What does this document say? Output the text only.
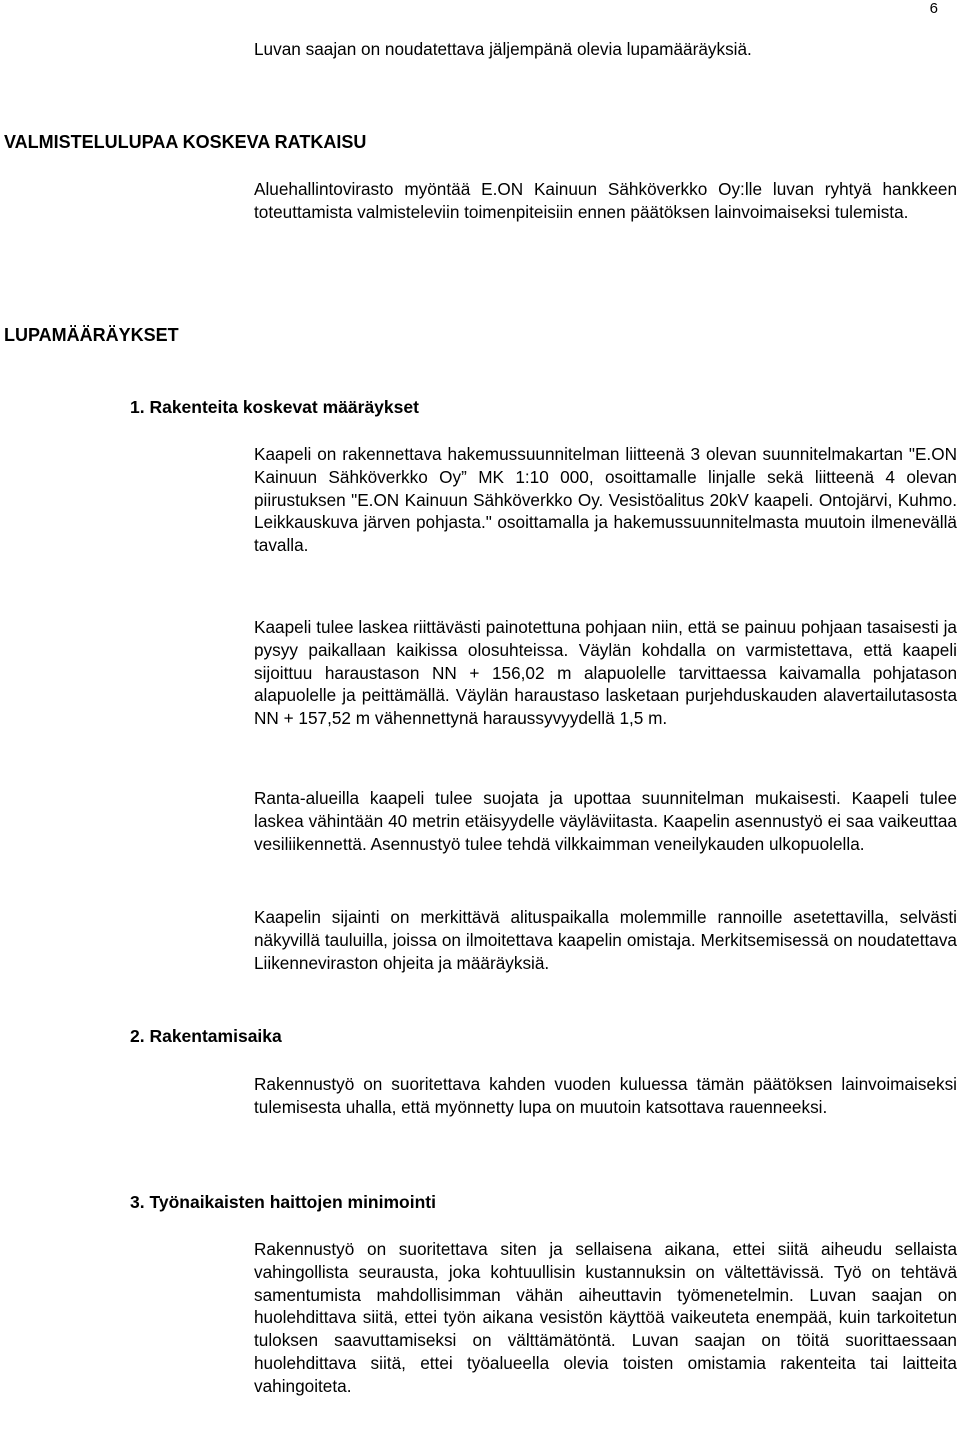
6
Luvan saajan on noudatettava jäljempänä olevia lupamääräyksiä.
VALMISTELULUPAA KOSKEVA RATKAISU

Aluehallintovirasto myöntää E.ON Kainuun Sähköverkko Oy:lle luvan ryhtyä hankkeen toteuttamista valmisteleviin toimenpiteisiin ennen päätöksen lainvoimaiseksi tulemista.

LUPAMÄÄRÄYKSET
1. Rakenteita koskevat määräykset

Kaapeli on rakennettava hakemussuunnitelman liitteenä 3 olevan suunnitelmakartan "E.ON Kainuun Sähköverkko Oy” MK 1:10 000, osoittamalle linjalle sekä liitteenä 4 olevan piirustuksen "E.ON Kainuun Sähköverkko Oy. Vesistöalitus 20kV kaapeli. Ontojärvi, Kuhmo. Leikkauskuva järven pohjasta." osoittamalla ja hakemussuunnitelmasta muutoin ilmenevällä tavalla.

Kaapeli tulee laskea riittävästi painotettuna pohjaan niin, että se painuu pohjaan tasaisesti ja pysyy paikallaan kaikissa olosuhteissa. Väylän kohdalla on varmistettava, että kaapeli sijoittuu haraustason NN + 156,02 m alapuolelle tarvittaessa kaivamalla pohjatason alapuolelle ja peittämällä. Väylän haraustaso lasketaan purjehduskauden alavertailutasosta NN + 157,52 m vähennettynä haraussyvyydellä 1,5 m.

Ranta-alueilla kaapeli tulee suojata ja upottaa suunnitelman mukaisesti. Kaapeli tulee laskea vähintään 40 metrin etäisyydelle väyläviitasta. Kaapelin asennustyö ei saa vaikeuttaa vesiliikennettä. Asennustyö tulee tehdä vilkkaimman veneilykauden ulkopuolella.

Kaapelin sijainti on merkittävä alituspaikalla molemmille rannoille asetettavilla, selvästi näkyvillä tauluilla, joissa on ilmoitettava kaapelin omistaja. Merkitsemisessä on noudatettava Liikenneviraston ohjeita ja määräyksiä.

2. Rakentamisaika

Rakennustyö on suoritettava kahden vuoden kuluessa tämän päätöksen lainvoimaiseksi tulemisesta uhalla, että myönnetty lupa on muutoin katsottava rauenneeksi.

3. Työnaikaisten haittojen minimointi

Rakennustyö on suoritettava siten ja sellaisena aikana, ettei siitä aiheudu sellaista vahingollista seurausta, joka kohtuullisin kustannuksin on vältettävissä. Työ on tehtävä samentumista mahdollisimman vähän aiheuttavin työmenetelmin. Luvan saajan on huolehdittava siitä, ettei työn aikana vesistön käyttöä vaikeuteta enempää, kuin tarkoitetun tuloksen saavuttamiseksi on välttämätöntä. Luvan saajan on töitä suorittaessaan huolehdittava siitä, ettei työalueella olevia toisten omistamia rakenteita tai laitteita vahingoiteta.
